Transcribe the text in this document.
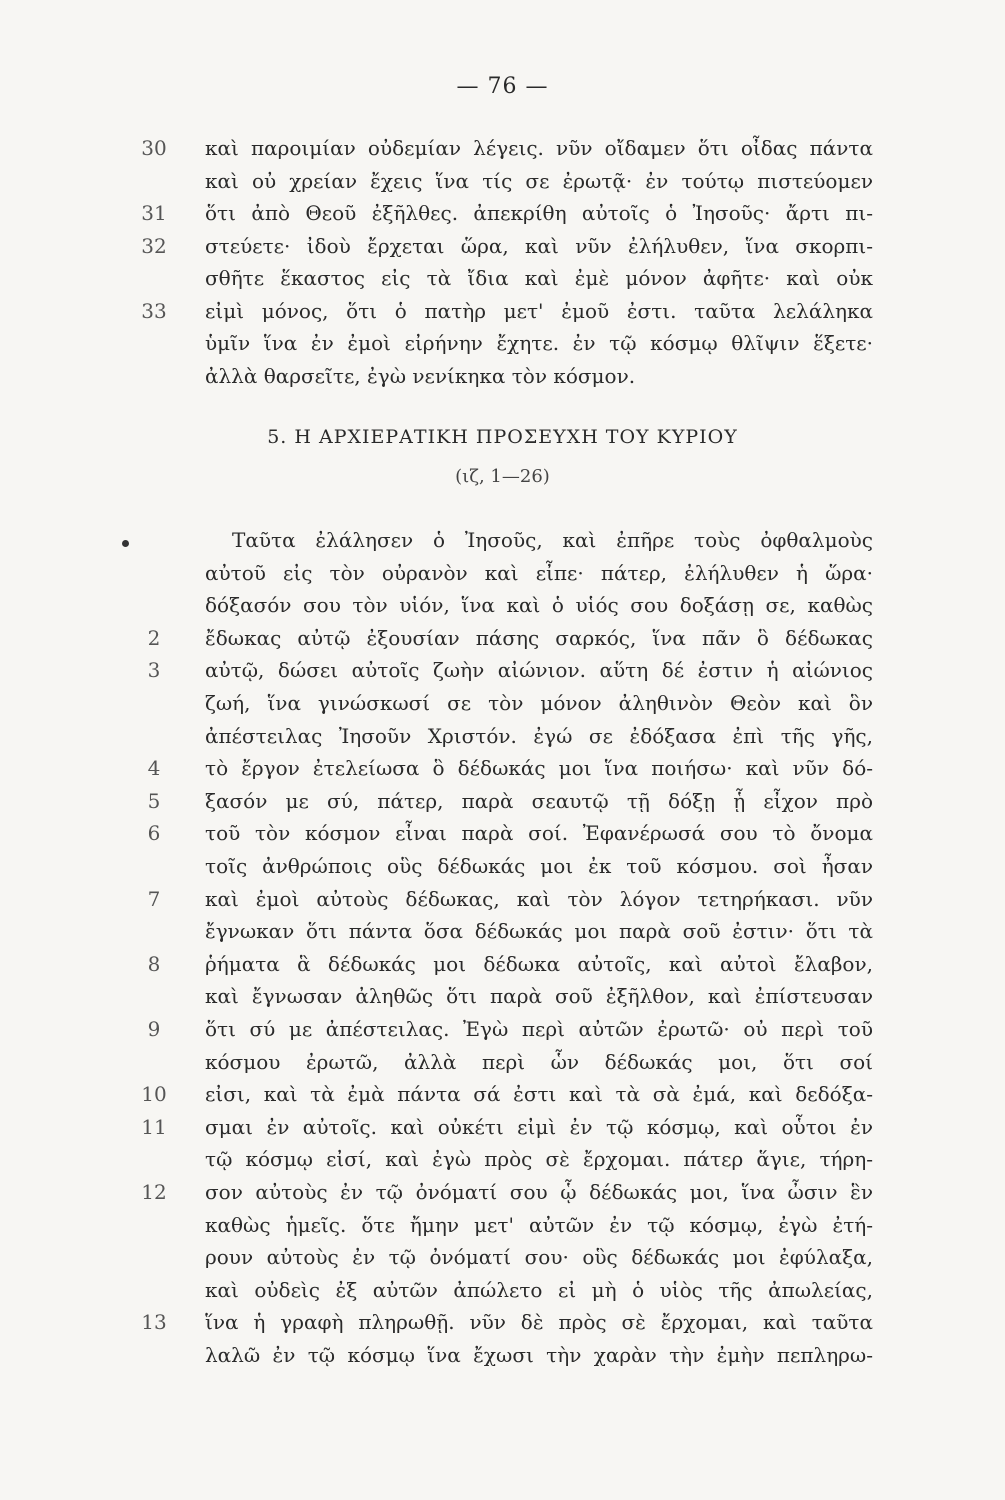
— 76 —
30	καὶ παροιμίαν οὐδεμίαν λέγεις. νῦν οἴδαμεν ὅτι οἶδας πάντα
καὶ οὐ χρείαν ἔχεις ἵνα τίς σε ἐρωτᾷ· ἐν τούτῳ πιστεύομεν
31	ὅτι ἀπὸ Θεοῦ ἐξῆλθες. ἀπεκρίθη αὐτοῖς ὁ Ἰησοῦς· ἄρτι πι-
32	στεύετε· ἰδοὺ ἔρχεται ὥρα, καὶ νῦν ἐλήλυθεν, ἵνα σκορπι-
σθῆτε ἕκαστος εἰς τὰ ἴδια καὶ ἐμὲ μόνον ἀφῆτε· καὶ οὐκ
33	εἰμὶ μόνος, ὅτι ὁ πατὴρ μετ' ἐμοῦ ἐστι. ταῦτα λελάληκα
ὑμῖν ἵνα ἐν ἐμοὶ εἰρήνην ἔχητε. ἐν τῷ κόσμῳ θλῖψιν ἕξετε·
ἀλλὰ θαρσεῖτε, ἐγὼ νενίκηκα τὸν κόσμον.
5. Η ΑΡΧΙΕΡΑΤΙΚΗ ΠΡΟΣΕΥΧΗ ΤΟΥ ΚΥΡΙΟΥ
(ιζ, 1—26)
Ταῦτα ἐλάλησεν ὁ Ἰησοῦς, καὶ ἐπῆρε τοὺς ὀφθαλμοὺς
αὐτοῦ εἰς τὸν οὐρανὸν καὶ εἶπε· πάτερ, ἐλήλυθεν ἡ ὥρα·
δόξασόν σου τὸν υἱόν, ἵνα καὶ ὁ υἱός σου δοξάσῃ σε, καθὼς
2	ἔδωκας αὐτῷ ἐξουσίαν πάσης σαρκός, ἵνα πᾶν ὃ δέδωκας
3	αὐτῷ, δώσει αὐτοῖς ζωὴν αἰώνιον. αὕτη δέ ἐστιν ἡ αἰώνιος
ζωή, ἵνα γινώσκωσί σε τὸν μόνον ἀληθινὸν Θεὸν καὶ ὃν
ἀπέστειλας Ἰησοῦν Χριστόν. ἐγώ σε ἐδόξασα ἐπὶ τῆς γῆς,
4	τὸ ἔργον ἐτελείωσα ὃ δέδωκάς μοι ἵνα ποιήσω· καὶ νῦν δό-
5	ξασόν με σύ, πάτερ, παρὰ σεαυτῷ τῇ δόξῃ ᾗ εἶχον πρὸ
6	τοῦ τὸν κόσμον εἶναι παρὰ σοί. Ἐφανέρωσά σου τὸ ὄνομα
τοῖς ἀνθρώποις οὓς δέδωκάς μοι ἐκ τοῦ κόσμου. σοὶ ἦσαν
7	καὶ ἐμοὶ αὐτοὺς δέδωκας, καὶ τὸν λόγον τετηρήκασι. νῦν
ἔγνωκαν ὅτι πάντα ὅσα δέδωκάς μοι παρὰ σοῦ ἐστιν· ὅτι τὰ
8	ῥήματα ἃ δέδωκάς μοι δέδωκα αὐτοῖς, καὶ αὐτοὶ ἔλαβον,
καὶ ἔγνωσαν ἀληθῶς ὅτι παρὰ σοῦ ἐξῆλθον, καὶ ἐπίστευσαν
9	ὅτι σύ με ἀπέστειλας. Ἐγὼ περὶ αὐτῶν ἐρωτῶ· οὐ περὶ τοῦ
κόσμου ἐρωτῶ, ἀλλὰ περὶ ὧν δέδωκάς μοι, ὅτι σοί
10	εἰσι, καὶ τὰ ἐμὰ πάντα σά ἐστι καὶ τὰ σὰ ἐμά, καὶ δεδόξα-
11	σμαι ἐν αὐτοῖς. καὶ οὐκέτι εἰμὶ ἐν τῷ κόσμῳ, καὶ οὗτοι ἐν
τῷ κόσμῳ εἰσί, καὶ ἐγὼ πρὸς σὲ ἔρχομαι. πάτερ ἅγιε, τήρη-
12	σον αὐτοὺς ἐν τῷ ὀνόματί σου ᾧ δέδωκάς μοι, ἵνα ὦσιν ἓν
καθὼς ἡμεῖς. ὅτε ἤμην μετ' αὐτῶν ἐν τῷ κόσμῳ, ἐγὼ ἐτή-
ρουν αὐτοὺς ἐν τῷ ὀνόματί σου· οὓς δέδωκάς μοι ἐφύλαξα,
καὶ οὐδεὶς ἐξ αὐτῶν ἀπώλετο εἰ μὴ ὁ υἱὸς τῆς ἀπωλείας,
13	ἵνα ἡ γραφὴ πληρωθῇ. νῦν δὲ πρὸς σὲ ἔρχομαι, καὶ ταῦτα
λαλῶ ἐν τῷ κόσμῳ ἵνα ἔχωσι τὴν χαρὰν τὴν ἐμὴν πεπληρω-
